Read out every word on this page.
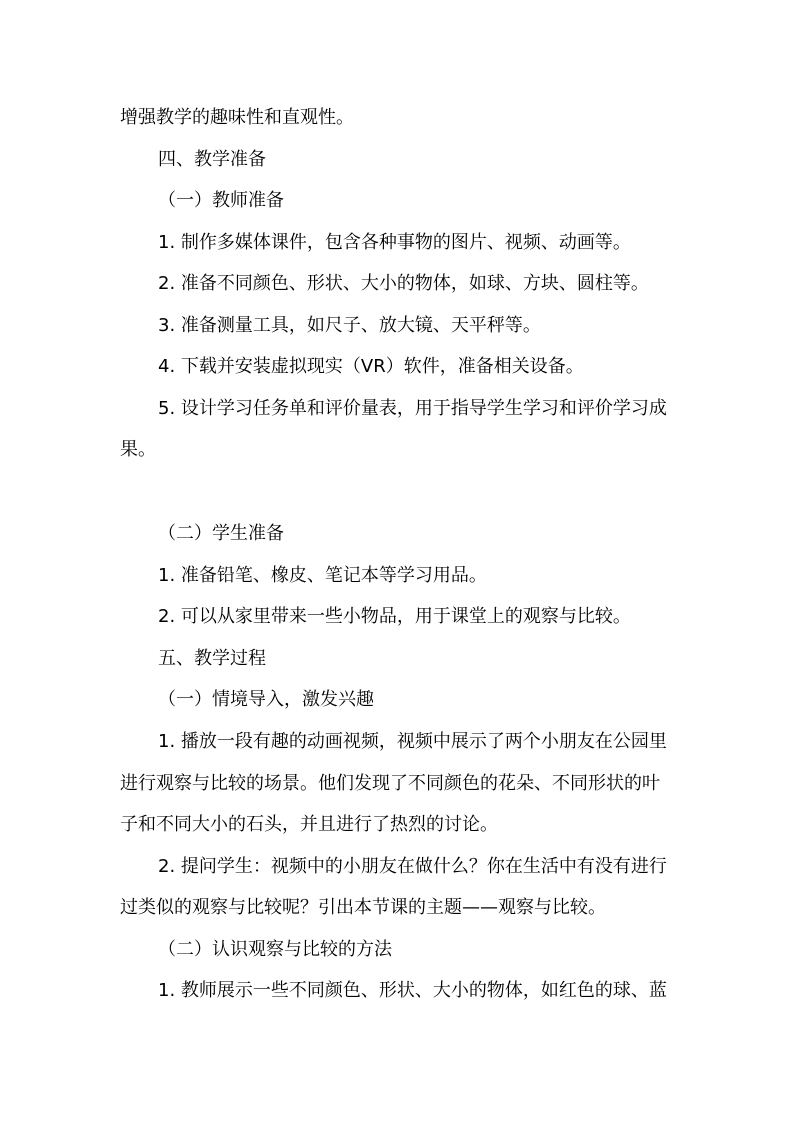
增强教学的趣味性和直观性。
四、教学准备
（一）教师准备
1. 制作多媒体课件，包含各种事物的图片、视频、动画等。
2. 准备不同颜色、形状、大小的物体，如球、方块、圆柱等。
3. 准备测量工具，如尺子、放大镜、天平秤等。
4. 下载并安装虚拟现实（VR）软件，准备相关设备。
5. 设计学习任务单和评价量表，用于指导学生学习和评价学习成
果。
（二）学生准备
1. 准备铅笔、橡皮、笔记本等学习用品。
2. 可以从家里带来一些小物品，用于课堂上的观察与比较。
五、教学过程
（一）情境导入，激发兴趣
1. 播放一段有趣的动画视频，视频中展示了两个小朋友在公园里
进行观察与比较的场景。他们发现了不同颜色的花朵、不同形状的叶
子和不同大小的石头，并且进行了热烈的讨论。
2. 提问学生：视频中的小朋友在做什么？你在生活中有没有进行
过类似的观察与比较呢？引出本节课的主题——观察与比较。
（二）认识观察与比较的方法
1. 教师展示一些不同颜色、形状、大小的物体，如红色的球、蓝
